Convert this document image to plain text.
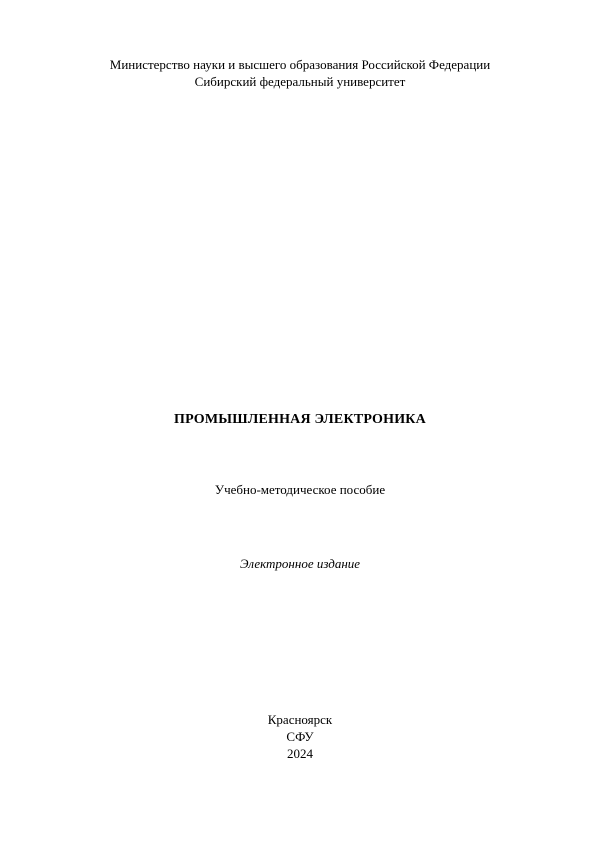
Министерство науки и высшего образования Российской Федерации
Сибирский федеральный университет
ПРОМЫШЛЕННАЯ ЭЛЕКТРОНИКА
Учебно-методическое пособие
Электронное издание
Красноярск
СФУ
2024
